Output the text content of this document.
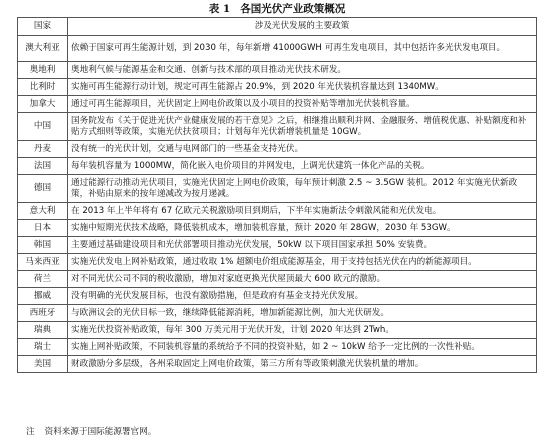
表 1 各国光伏产业政策概况
国家	涉及光伏发展的主要政策
澳大利亚	依赖于国家可再生能源计划，到 2030 年，每年新增 41000GWH 可再生发电项目，其中包括许多光伏发电项目。
奥地利	奥地利气候与能源基金和交通、创新与技术部的项目推动光伏技术研发。
比利时	实施可再生能源行动计划，规定可再生能源占 20.9%，到 2020 年光伏装机容量达到 1340MW。
加拿大	通过可再生能源项目，光伏固定上网电价政策以及小项目的投资补贴等增加光伏装机容量。
中国	国务院发布《关于促进光伏产业健康发展的若干意见》之后，相继推出顺利并网、金融服务、增值税优惠、补贴额度和补贴方式细则等政策，实施光伏扶贫项目；计划每年光伏新增装机量是 10GW。
丹麦	没有统一的光伏计划，交通与电网部门的一些基金支持光伏。
法国	每年装机容量为 1000MW，简化嵌入电价项目的并网发电，上调光伏建筑一体化产品的关税。
德国	通过能源行动推动光伏项目，实施光伏固定上网电价政策，每年预计刺激 2.5 ~ 3.5GW 装机。2012 年实施光伏新政策，补贴由原来的按年递减改为按月递减。
意大利	在 2013 年上半年将有 67 亿欧元关税激励项目到期后，下半年实施新法令刺激风能和光伏发电。
日本	实施中短期光伏技术战略，降低装机成本，增加装机容量，预计 2020 年 28GW，2030 年 53GW。
韩国	主要通过基础建设项目和光伏部署项目推动光伏发展，50kW 以下项目国家承担 50% 安装费。
马来西亚	实施光伏发电上网补贴政策，通过收取 1% 超额电价组成能源基金，用于支持包括光伏在内的新能源项目。
荷兰	对不同光伏公司不同的税收激励，增加对家庭更换光伏屋顶最大 600 欧元的激励。
挪威	没有明确的光伏发展目标，也没有激励措施，但是政府有基金支持光伏发展。
西班牙	与欧洲议会的光伏目标一致，继续降低能源消耗，增加新能源比例，加大光伏研发。
瑞典	实施光伏投资补贴政策，每年 300 万美元用于光伏开发，计划 2020 年达到 2Twh。
瑞士	实施上网补贴政策，不同装机容量的系统给予不同的投资补贴，如 2 ~ 10kW 给予一定比例的一次性补贴。
美国	财政激励分多层级，各州采取固定上网电价政策，第三方所有等政策刺激光伏装机量的增加。
注 资料来源于国际能源署官网。
